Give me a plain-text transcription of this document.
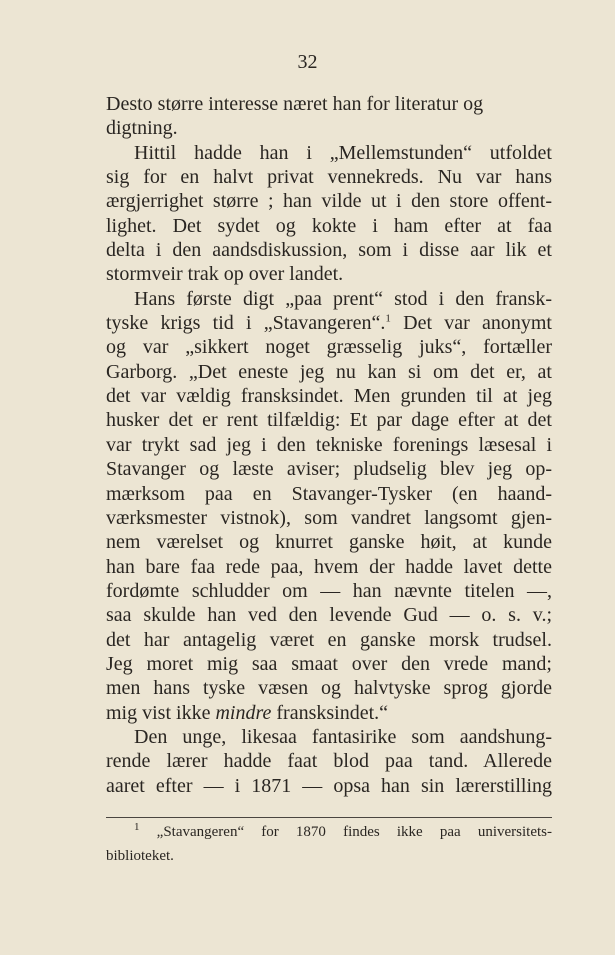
32
Desto større interesse næret han for literatur og
digtning.
Hittil hadde han i „Mellemstunden“ utfoldet
sig for en halvt privat vennekreds. Nu var hans
ærgjerrighet større ; han vilde ut i den store offent-
lighet. Det sydet og kokte i ham efter at faa
delta i den aandsdiskussion, som i disse aar lik et
stormveir trak op over landet.
Hans første digt „paa prent“ stod i den fransk-
tyske krigs tid i „Stavangeren“.$^1$ Det var anonymt
og var „sikkert noget græsselig juks“, fortæller
Garborg. „Det eneste jeg nu kan si om det er, at
det var vældig fransksindet. Men grunden til at jeg
husker det er rent tilfældig: Et par dage efter at det
var trykt sad jeg i den tekniske forenings læsesal i
Stavanger og læste aviser; pludselig blev jeg op-
mærksom paa en Stavanger-Tysker (en haand-
værksmester vistnok), som vandret langsomt gjen-
nem værelset og knurret ganske høit, at kunde
han bare faa rede paa, hvem der hadde lavet dette
fordømte schludder om — han nævnte titelen —,
saa skulde han ved den levende Gud — o. s. v.;
det har antagelig været en ganske morsk trudsel.
Jeg moret mig saa smaat over den vrede mand;
men hans tyske væsen og halvtyske sprog gjorde
mig vist ikke mindre fransksindet.“
Den unge, likesaa fantasirike som aandshung-
rende lærer hadde faat blod paa tand. Allerede
aaret efter — i 1871 — opsa han sin lærerstilling
$^1$ „Stavangeren“ for 1870 findes ikke paa universitets-
biblioteket.
